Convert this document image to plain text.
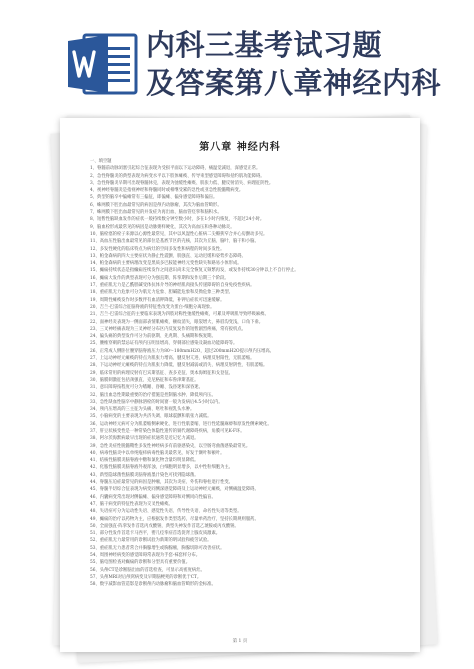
内科三基考试习题
及答案第八章神经内科
第八章 神经内科
一、填空题
1、脊髓前动脉闭塞引起综合征表现为受损平面以下运动障碍，痛温觉减退，深感觉正常。
2、急性脊髓炎的典型表现为病变水平以下肢体瘫痪、传导束型感觉障碍和括约肌功能障碍。
3、急性脊髓炎早期可出现脊髓休克，表现为弛缓性瘫痪、肌张力低、腱反射消失、病理征阴性。
4、视神经脊髓炎是指视神经和脊髓同时或相继受累的急性或亚急性脱髓鞘病变。
5、典型的脑卒中偏瘫常有三偏征，即偏瘫、偏身感觉障碍和偏盲。
6、蛛网膜下腔出血最常见的病因是颅内动脉瘤，其次为脑血管畸形。
7、蛛网膜下腔出血最常见的并发症为再出血、脑血管痉挛和脑积水。
8、短暂性脑缺血发作的症状一般持续数分钟至数小时，多在1小时内恢复，不超过24小时。
9、脑血栓形成最常见的病因是动脉粥样硬化，其次为高血压和各种动脉炎。
10、脑栓塞的栓子来源以心源性最常见，其中以风湿性心脏病二尖瓣狭窄合并心房颤动多见。
11、高血压性脑出血最常见的部位是基底节区的壳核，其次为丘脑、脑叶、脑干和小脑。
12、多发性硬化的临床特点为病灶的空间多发性和病程的时间多发性。
13、帕金森病的四大主要症状为静止性震颤、肌强直、运动迟缓和姿势步态障碍。
14、帕金森病的主要病理改变是黑质多巴胺能神经元变性缺失和路易小体形成。
15、癫痫持续状态是指癫痫连续发作之间意识尚未完全恢复又频繁再发，或发作持续30分钟以上不自行停止。
16、癫痫大发作的典型表现可分为强直期、阵挛期和发作后期三个阶段。
17、重症肌无力是乙酰胆碱受体抗体介导的神经肌肉接头传递障碍的自身免疫性疾病。
18、重症肌无力危象可分为肌无力危象、胆碱能危象和反拗危象三种类型。
19、周期性瘫痪发作时多数伴有血清钾降低，补钾后症状可迅速缓解。
20、吉兰-巴雷综合征脑脊液的特征性改变为蛋白-细胞分离现象。
21、吉兰-巴雷综合征的主要临床表现为四肢对称性弛缓性瘫痪，可累及呼吸肌导致呼吸麻痹。
22、面神经炎表现为一侧面部表情肌瘫痪，额纹消失，眼裂增大，鼻唇沟变浅，口角下垂。
23、三叉神经痛表现为三叉神经分布区内反复发作的短暂剧烈疼痛，常有扳机点。
24、偏头痛的典型发作可分为前驱期、先兆期、头痛期和恢复期。
25、腰椎穿刺的禁忌证有颅内压明显增高、穿刺部位感染及凝血功能障碍等。
26、正常成人侧卧位腰穿脑脊液压力为80～180mmH2O，超过200mmH2O提示颅内压增高。
27、上运动神经元瘫痪的特点为肌张力增高、腱反射亢进、病理反射阳性、无肌萎缩。
28、下运动神经元瘫痪的特点为肌张力降低、腱反射减弱或消失、病理反射阴性、有肌萎缩。
29、临床常用的病理反射有巴宾斯基征、查多克征、奥本海姆征和戈登征。
30、脑膜刺激征包括颈强直、克尼格征和布鲁津斯基征。
31、意识障碍按程度可分为嗜睡、昏睡、浅昏迷和深昏迷。
32、脑出血急性期最重要的治疗措施是控制脑水肿、降低颅内压。
33、急性缺血性脑卒中静脉溶栓的时间窗一般为发病后4.5小时以内。
34、颅内压增高的三主征为头痛、呕吐和视乳头水肿。
35、小脑病变的主要表现为共济失调、眼球震颤和肌张力减低。
36、运动神经元病可分为肌萎缩侧索硬化、进行性肌萎缩、进行性延髓麻痹和原发性侧索硬化。
37、肝豆状核变性是一种常染色体隐性遗传的铜代谢障碍疾病，角膜可见K-F环。
38、阿尔茨海默病最早出现的症状通常是近记忆力减退。
39、急性炎症性脱髓鞘性多发性神经病多有前驱感染史，以空肠弯曲菌感染最常见。
40、病毒性脑炎中以单纯疱疹病毒性脑炎最常见，好发于颞叶和额叶。
41、结核性脑膜炎脑脊液中糖和氯化物含量均明显降低。
42、化脓性脑膜炎脑脊液外观浑浊，白细胞明显增多，以中性粒细胞为主。
43、新型隐球菌性脑膜炎脑脊液墨汁染色可找到隐球菌。
44、脊髓压迫症最常见的病因是肿瘤，其次为炎症、外伤和脊柱退行性变。
45、脊髓半切综合征表现为病变同侧深感觉障碍及上运动神经元瘫痪，对侧痛温觉障碍。
46、内囊病变常出现对侧偏瘫、偏身感觉障碍和对侧同向性偏盲。
47、脑干病变的特征性表现为交叉性瘫痪。
48、失语症可分为运动性失语、感觉性失语、传导性失语、命名性失语等类型。
49、癫痫的治疗以药物为主，应根据发作类型选药，尽量单药治疗，坚持长期规则服药。
50、全面强直-阵挛发作首选丙戊酸钠，典型失神发作首选乙琥胺或丙戊酸钠。
51、部分性发作首选卡马西平，婴儿痉挛症首选促肾上腺皮质激素。
52、重症肌无力最常用的诊断试验为新斯的明试验和疲劳试验。
53、重症肌无力患者常合并胸腺增生或胸腺瘤，胸腺切除可改善症状。
54、周围神经病变的感觉障碍常表现为手套-袜套样分布。
55、脑电图检查对癫痫的诊断和分型具有重要价值。
56、头颅CT是诊断脑出血的首选检查，可显示高密度病灶。
57、头颅MRI对后颅窝病变及早期脑梗死的诊断优于CT。
58、数字减影血管造影是诊断颅内动脉瘤和脑血管畸形的金标准。
第 1 页
